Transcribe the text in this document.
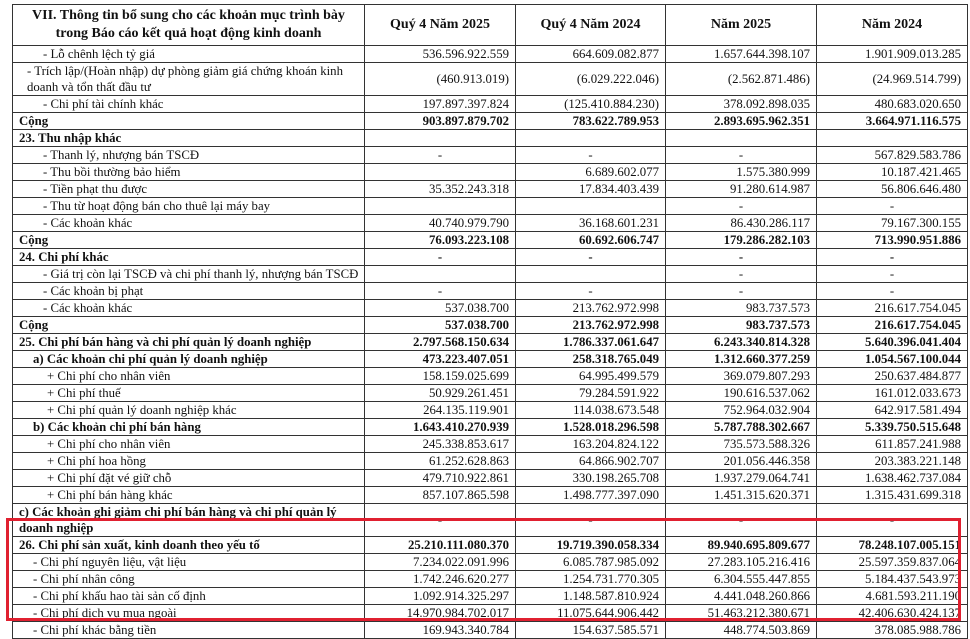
VII. Thông tin bổ sung cho các khoản mục trình bày trong Báo cáo kết quả hoạt động kinh doanh	Quý 4 Năm 2025	Quý 4 Năm 2024	Năm 2025	Năm 2024
- Lỗ chênh lệch tỷ giá	536.596.922.559	664.609.082.877	1.657.644.398.107	1.901.909.013.285
- Trích lập/(Hoàn nhập) dự phòng giảm giá chứng khoán kinh doanh và tổn thất đầu tư	(460.913.019)	(6.029.222.046)	(2.562.871.486)	(24.969.514.799)
- Chi phí tài chính khác	197.897.397.824	(125.410.884.230)	378.092.898.035	480.683.020.650
Cộng	903.897.879.702	783.622.789.953	2.893.695.962.351	3.664.971.116.575
23. Thu nhập khác				
- Thanh lý, nhượng bán TSCĐ	-	-	-	567.829.583.786
- Thu bồi thường bảo hiểm		6.689.602.077	1.575.380.999	10.187.421.465
- Tiền phạt thu được	35.352.243.318	17.834.403.439	91.280.614.987	56.806.646.480
- Thu từ hoạt động bán cho thuê lại máy bay			-	-
- Các khoản khác	40.740.979.790	36.168.601.231	86.430.286.117	79.167.300.155
Cộng	76.093.223.108	60.692.606.747	179.286.282.103	713.990.951.886
24. Chi phí khác	-	-	-	-
- Giá trị còn lại TSCĐ và chi phí thanh lý, nhượng bán TSCĐ			-	-
- Các khoản bị phạt	-	-	-	-
- Các khoản khác	537.038.700	213.762.972.998	983.737.573	216.617.754.045
Cộng	537.038.700	213.762.972.998	983.737.573	216.617.754.045
25. Chi phí bán hàng và chi phí quản lý doanh nghiệp	2.797.568.150.634	1.786.337.061.647	6.243.340.814.328	5.640.396.041.404
a) Các khoản chi phí quản lý doanh nghiệp	473.223.407.051	258.318.765.049	1.312.660.377.259	1.054.567.100.044
+ Chi phí cho nhân viên	158.159.025.699	64.995.499.579	369.079.807.293	250.637.484.877
+ Chi phí thuế	50.929.261.451	79.284.591.922	190.616.537.062	161.012.033.673
+ Chi phí quản lý doanh nghiệp khác	264.135.119.901	114.038.673.548	752.964.032.904	642.917.581.494
b) Các khoản chi phí bán hàng	1.643.410.270.939	1.528.018.296.598	5.787.788.302.667	5.339.750.515.648
+ Chi phí cho nhân viên	245.338.853.617	163.204.824.122	735.573.588.326	611.857.241.988
+ Chi phí hoa hồng	61.252.628.863	64.866.902.707	201.056.446.358	203.383.221.148
+ Chi phí đặt vé giữ chỗ	479.710.922.861	330.198.265.708	1.937.279.064.741	1.638.462.737.084
+ Chi phí bán hàng khác	857.107.865.598	1.498.777.397.090	1.451.315.620.371	1.315.431.699.318
c) Các khoản ghi giảm chi phí bán hàng và chi phí quản lý doanh nghiệp	-	-	-	-
26. Chi phí sản xuất, kinh doanh theo yếu tố	25.210.111.080.370	19.719.390.058.334	89.940.695.809.677	78.248.107.005.151
- Chi phí nguyên liệu, vật liệu	7.234.022.091.996	6.085.787.985.092	27.283.105.216.416	25.597.359.837.064
- Chi phí nhân công	1.742.246.620.277	1.254.731.770.305	6.304.555.447.855	5.184.437.543.973
- Chi phí khấu hao tài sản cố định	1.092.914.325.297	1.148.587.810.924	4.441.048.260.866	4.681.593.211.190
- Chi phí dịch vụ mua ngoài	14.970.984.702.017	11.075.644.906.442	51.463.212.380.671	42.406.630.424.137
- Chi phí khác bằng tiền	169.943.340.784	154.637.585.571	448.774.503.869	378.085.988.786
